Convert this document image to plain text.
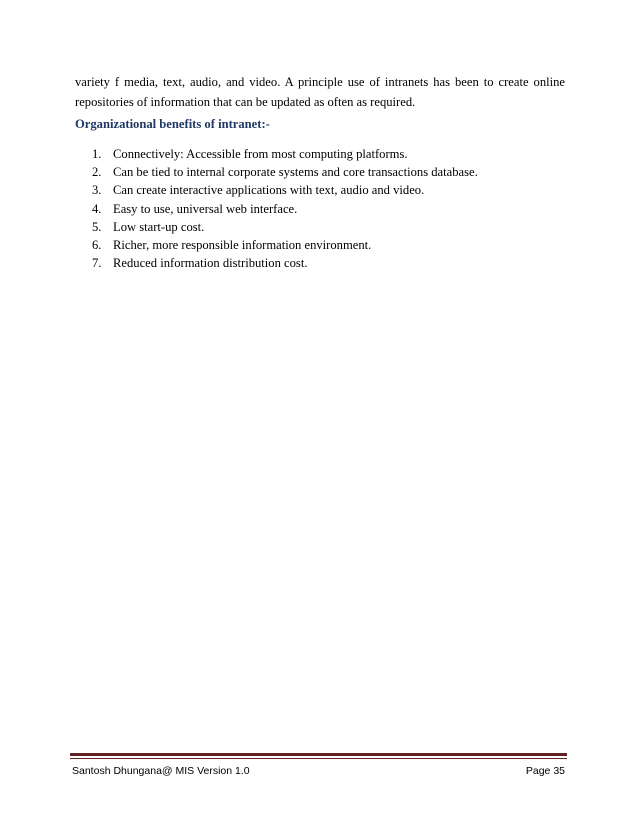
variety f media, text, audio, and video. A principle use of intranets has been to create online
repositories of information that can be updated as often as required.

Organizational benefits of intranet:-

1. Connectively: Accessible from most computing platforms.
2. Can be tied to internal corporate systems and core transactions database.
3. Can create interactive applications with text, audio and video.
4. Easy to use, universal web interface.
5. Low start-up cost.
6. Richer, more responsible information environment.
7. Reduced information distribution cost.
Santosh Dhungana@ MIS Version 1.0	Page 35
